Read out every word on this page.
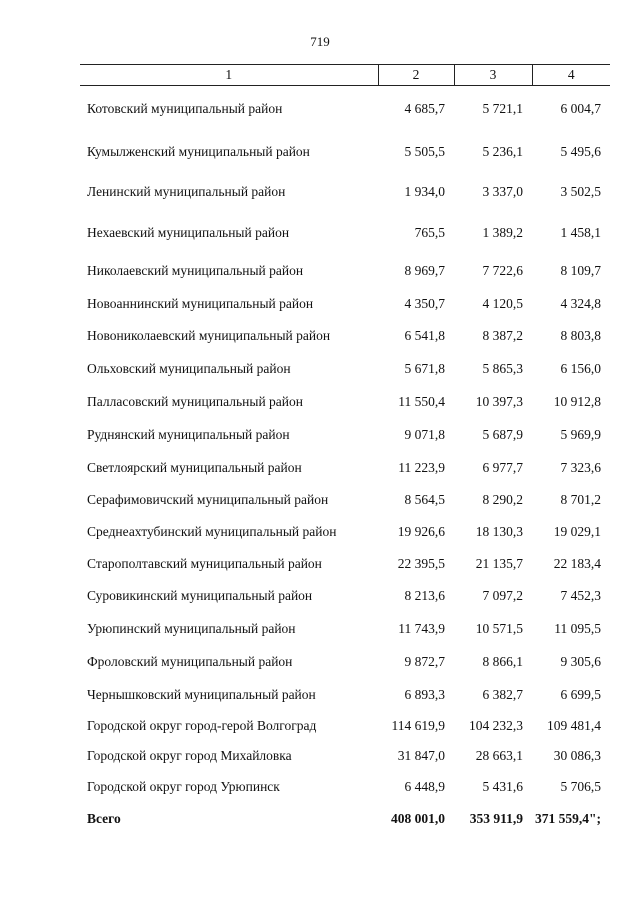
719
1	2	3	4
Котовский муниципальный район	4 685,7	5 721,1	6 004,7
Кумылженский муниципальный район	5 505,5	5 236,1	5 495,6
Ленинский муниципальный район	1 934,0	3 337,0	3 502,5
Нехаевский муниципальный район	765,5	1 389,2	1 458,1
Николаевский муниципальный район	8 969,7	7 722,6	8 109,7
Новоаннинский муниципальный район	4 350,7	4 120,5	4 324,8
Новониколаевский муниципальный район	6 541,8	8 387,2	8 803,8
Ольховский муниципальный район	5 671,8	5 865,3	6 156,0
Палласовский муниципальный район	11 550,4	10 397,3	10 912,8
Руднянский муниципальный район	9 071,8	5 687,9	5 969,9
Светлоярский муниципальный район	11 223,9	6 977,7	7 323,6
Серафимовичский муниципальный район	8 564,5	8 290,2	8 701,2
Среднеахтубинский муниципальный район	19 926,6	18 130,3	19 029,1
Старополтавский муниципальный район	22 395,5	21 135,7	22 183,4
Суровикинский муниципальный район	8 213,6	7 097,2	7 452,3
Урюпинский муниципальный район	11 743,9	10 571,5	11 095,5
Фроловский муниципальный район	9 872,7	8 866,1	9 305,6
Чернышковский муниципальный район	6 893,3	6 382,7	6 699,5
Городской округ город-герой Волгоград	114 619,9	104 232,3	109 481,4
Городской округ город Михайловка	31 847,0	28 663,1	30 086,3
Городской округ город Урюпинск	6 448,9	5 431,6	5 706,5
Всего	408 001,0	353 911,9	371 559,4";
